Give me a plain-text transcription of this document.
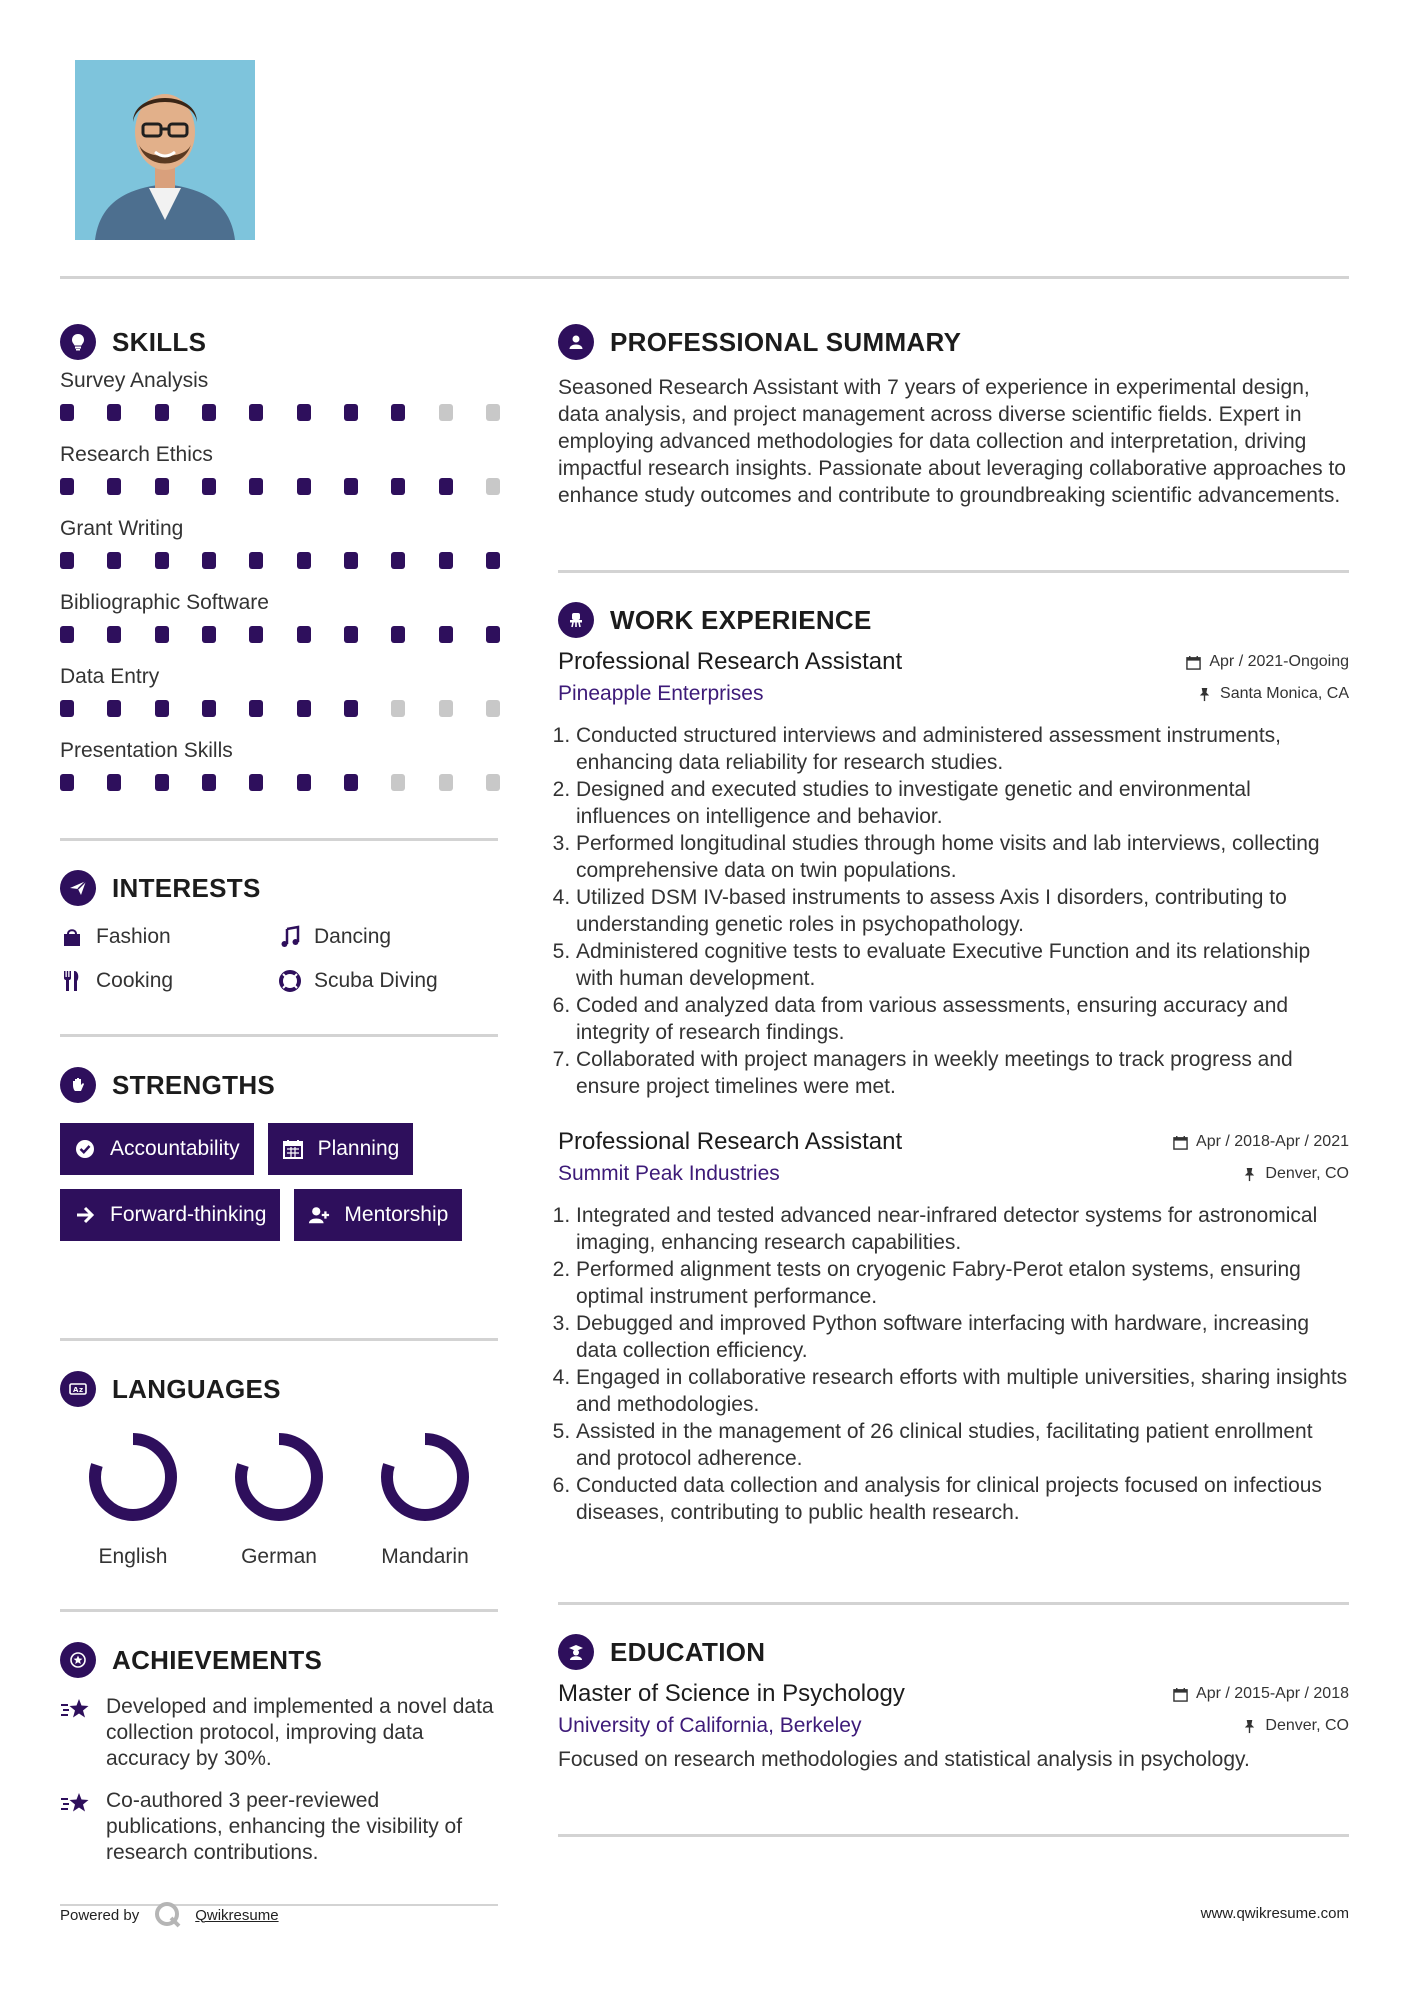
SKILLS
Survey Analysis
Research Ethics
Grant Writing
Bibliographic Software
Data Entry
Presentation Skills
INTERESTS
Fashion	Dancing
Cooking	Scuba Diving
STRENGTHS
Accountability	Planning
Forward-thinking	Mentorship
A z LANGUAGES
English	German	Mandarin
ACHIEVEMENTS
Developed and implemented a novel data collection protocol, improving data accuracy by 30%.
Co-authored 3 peer-reviewed publications, enhancing the visibility of research contributions.
PROFESSIONAL SUMMARY
Seasoned Research Assistant with 7 years of experience in experimental design, data analysis, and project management across diverse scientific fields. Expert in employing advanced methodologies for data collection and interpretation, driving impactful research insights. Passionate about leveraging collaborative approaches to enhance study outcomes and contribute to groundbreaking scientific advancements.
WORK EXPERIENCE
Professional Research Assistant	Apr / 2021-Ongoing
Pineapple Enterprises	Santa Monica, CA
1. Conducted structured interviews and administered assessment instruments, enhancing data reliability for research studies.
2. Designed and executed studies to investigate genetic and environmental influences on intelligence and behavior.
3. Performed longitudinal studies through home visits and lab interviews, collecting comprehensive data on twin populations.
4. Utilized DSM IV-based instruments to assess Axis I disorders, contributing to understanding genetic roles in psychopathology.
5. Administered cognitive tests to evaluate Executive Function and its relationship with human development.
6. Coded and analyzed data from various assessments, ensuring accuracy and integrity of research findings.
7. Collaborated with project managers in weekly meetings to track progress and ensure project timelines were met.
Professional Research Assistant	Apr / 2018-Apr / 2021
Summit Peak Industries	Denver, CO
1. Integrated and tested advanced near-infrared detector systems for astronomical imaging, enhancing research capabilities.
2. Performed alignment tests on cryogenic Fabry-Perot etalon systems, ensuring optimal instrument performance.
3. Debugged and improved Python software interfacing with hardware, increasing data collection efficiency.
4. Engaged in collaborative research efforts with multiple universities, sharing insights and methodologies.
5. Assisted in the management of 26 clinical studies, facilitating patient enrollment and protocol adherence.
6. Conducted data collection and analysis for clinical projects focused on infectious diseases, contributing to public health research.
EDUCATION
Master of Science in Psychology	Apr / 2015-Apr / 2018
University of California, Berkeley	Denver, CO
Focused on research methodologies and statistical analysis in psychology.
Powered by	Qwikresume	www.qwikresume.com
